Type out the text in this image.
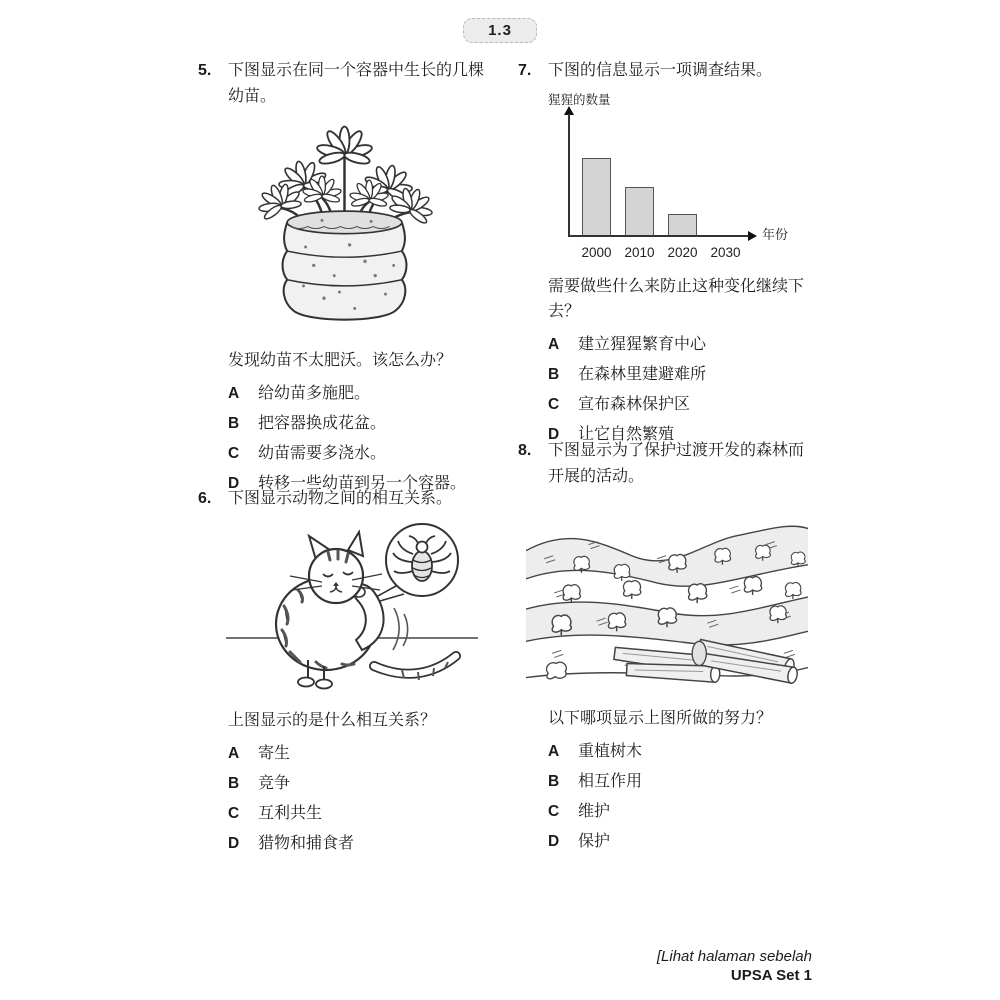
1.3
5.	下图显示在同一个容器中生长的几棵幼苗。
发现幼苗不太肥沃。该怎么办？
A	给幼苗多施肥。
B	把容器换成花盆。
C	幼苗需要多浇水。
D	转移一些幼苗到另一个容器。
6.	下图显示动物之间的相互关系。
上图显示的是什么相互关系？
A	寄生
B	竞争
C	互利共生
D	猎物和捕食者
7.	下图的信息显示一项调查结果。
猩猩的数量
年份
2000 2010 2020 2030
需要做些什么来防止这种变化继续下去？
A	建立猩猩繁育中心
B	在森林里建避难所
C	宣布森林保护区
D	让它自然繁殖
8.	下图显示为了保护过渡开发的森林而开展的活动。
以下哪项显示上图所做的努力？
A	重植树木
B	相互作用
C	维护
D	保护
[Lihat halaman sebelah
UPSA Set 1
